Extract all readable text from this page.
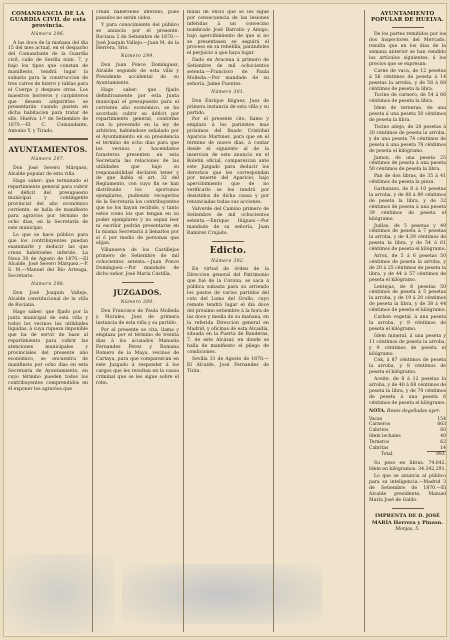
COMANDANCIA DE LA GUARDIA CIVIL de esta provincia.
Número 296.

A las doce de la mañana del dia 15 del mes actual, en el despacho del Comandante de la Guardia civil, calle de Sevilla núm. 7, y bajo los tipos que constan de manifiesto, tendrá lugar la subasta para la construccion de tres catres de hierro y tablas para el Cuerpo y despues otras. Los maestros herreros y carpinteros que deseen adquirirlos se presentarán cuando gusten en dicha habitacion para tratar de ello. Huelva 1.º de Setiembre de 1870.—El C. Comandante, Antonio Y. y Tirado.

AYUNTAMIENTOS.
Número 297.

Don José Severo Márquez, Alcalde popular de esta villa.

Hago saber: que terminado el repartimiento general para cubrir el déficit del presupuesto municipal y contingente provincial del año económico corriente, se halla de manifiesto para agravios por término de ocho dias, en la Secretaría de este municipio.

Lo que se hace público para que los contribuyentes puedan examinarle y deducir las que crean habérseles inferido. La Nava 30 de Agosto de 1870.—El Alcalde, José Severo Márquez.—P. S. M.—Manuel del Rio Arteaga, Secretario.

Número 298.

Don José Joaquin Vallejo, Alcalde constitucional de la villa de Rociana.

Hago saber: que fijado por la junta municipal de esta villa y todos los vecinos las utilidades líquidas, á cuya riqueza imponible que ha de servir de base al repartimiento para cubrir las atenciones municipales y provinciales del presente año económico, se encuentra de manifiesto por ocho dias en esta Secretaría de Ayuntamiento, en cuyo término pueden todos los contribuyentes comprendidos en él exponer los agravios que

crean habérseles inferido; pues pasados no serán oidos.

Y para conocimiento del público se anuncia por el presente. Rociana 2 de Setiembre de 1870.—José Joaquin Vallejo.—Juan M. de la Herrera, Srio.

Número 299.

Don Juan Ponce Dominguez, Alcalde segundo de esta villa y Presidente accidental de su Ayuntamiento.

Hago saber: que fijado definitivamente por esta Junta municipal el presupuesto para el corriente año económico, se ha acordado cubrir su déficit por repartimiento general, conforme con lo prevenido en la ley de arbitrios, habiéndose señalado por el Ayuntamiento en su presidencia el término de ocho dias para que los vecinos y hacendados forasteros presenten en esta Secretaría las relaciones de las utilidades que bajo su responsabilidad declaren tener y de que habla el art. 32 del Reglamento, con cuyo fin se han distribuido los oportunos ejemplares, pudiendo recogerlos de la Secretaría los contribuyentes que no los hayan recibido, y tanto estos como los que tengan en su poder ejemplares y no sepan leer ni escribir podrán presentarse en la misma Secretaría á llenarlos por sí ó por medio de personas que elijan.

Villanueva de los Castillejos primero de Setiembre de mil ochocientos setenta.—Juan Ponce Dominguez.—Por mandado de dicho señor, José María Castilla.

JUZGADOS.
Número 300.

Don Francisco de Paula Molleda y Morales, Juez de primera instancia de esta villa y su partido.

Por el presente se cita, llama y emplaza por el término de treinta dias á los acusados Manuela Fernandez Perez y Romana Romero de la Maya, vecinos de Cartaya, para que comparezcan en este Juzgado á responder á los cargos que les resultan en la causa criminal que se les sigue sobre el robo.

minal de oficio que se les sigue por consecuencia de las lesiones inferidas á un convecino nombrado José Barrallo y Amigo; bajo apercibimiento de que si no se presentasen se seguirá el proceso en su rebeldía, parándoles el perjuicio á que haya lugar.

Dado en Aracena á primero de Setiembre de mil ochocientos setenta.—Francisco de Paula Molleda.—Por mandado de su señoría, Jaime Fuentes.

Número 301.

Don Enrique Iñiguez, Juez de primera instancia de esta villa y su partido.

Por el presente cito, llamo y emplazo á los parientes mas próximos del finado Cristóbal Aparicio Martinez, para que en el término de nueve dias, á contar desde el siguiente al de la insercion de este anuncio en el Boletin oficial, comparezcan ante este Juzgado para deducir los derechos que les correspondan por muerte del Aparicio; bajo apercibimiento que de no verificarlo se les tendrá por desistidos de dicha causa y por renunciadas todas sus acciones.

Valverde del Camino primero de Setiembre de mil ochocientos setenta.—Enrique Iñiguez.—Por mandado de su señoría, Juan Ramirez Crujado.

Edicto.
Número 302.

En virtud de órden de la Direccion general del Patrimonio que fué de la Corona, se saca á pública subasta para su arriendo los pastos de varios partidos del coto del Lomo del Grullo, cuyo remate tendrá lugar el dia doce del próximo setiembre á la hora de las doce y media de su mañana, en la referida Direccion general en Madrid, y oficinas de esta Alcaidía, situada en la Puerta de Banderas, 7, de este Alcázar, en donde se halla de manifiesto el pliego de condiciones.

Sevilla 31 de Agosto de 1870.—El Alcaide, José Fernandez de Tirán.

AYUNTAMIENTO POPULAR DE HUELVA.

De los partes remitidos por los dos Inspectores del Mercado, resulta que en los dias de la semana anterior se han vendido los artículos siguientes, á los precios que se expresan:

Carne de vaca, de 12 pesetas á 56 céntimos de peseta á 14 pesetas la arroba, y de 58 á 68 céntimos de peseta la libra.

Tocino de carnero, de 54 á 66 céntimos de peseta la libra.

Idem de terneras, de una peseta á una peseta 50 céntimos de peseta la libra.

Tocino añejo, de 28 pesetas á 20 céntimos de peseta la arroba, y de una peseta 74 céntimos de peseta á una peseta 78 céntimos de peseta el kilógramo.

Jamon, de una peseta 25 céntimos de peseta á una peseta 50 céntimos de peseta la libra.

Pan de dos libras, de 35 á 41 céntimos de peseta la pieza.

Garbanzos, de 8 á 10 pesetas la arroba, y de 88 á 89 céntimos de peseta la libra, y de 32 céntimos de peseta á una peseta 39 céntimos de peseta el kilógramo.

Judías, de 5 pesetas y 49 céntimos de peseta á 7 pesetas la arroba, y de 4,39 céntimos de peseta la libra, y de 54 á 61 céntimos de peseta el kilógramo.

Arroz, de 5 á 6 pesetas 50 céntimos de peseta la arroba, y de 20 á 25 céntimos de peseta la libra, y de 44 á 57 céntimos de peseta el kilógramo.

Lentejas, de 6 pesetas 50 céntimos de peseta á 5 pesetas la arroba, y de 19 á 20 céntimos de peseta la libra, y de 38 á 44 céntimos de peseta el kilógramo.

Carbon vegetal, á una peseta la arroba, y 9 céntimos de peseta el kilógramo.

Idem mineral, á una peseta y 11 céntimos de peseta la arroba, y 9 céntimos de peseta el kilógramo.

Cok, á 87 céntimos de peseta la arroba, y 8 céntimos de peseta el kilógramo.

Aceite, de 8 á 12 pesetas la arroba, y de 40 á 68 céntimos de peseta la libra, y de 70 céntimos de peseta á una peseta 6 céntimos de peseta el kilógramo.

NOTA. Reses degolladas ayer:
Vacas	154
Carneros	663
Cabritos	60
Idem lechales	40
Terneros	62
Cabritas	14
Total.	993.

Su peso en libras. 74.642. Idem en kilógramos. 34.342,291.

Lo que se anuncia al público para su inteligencia.—Madrid 3 de Setiembre de 1870.—El Alcalde presidente, Manuel María José de Galdo.

IMPRENTA DE D. JOSÉ MARÍA Herrera y Pinzon.
Monjas, 5.
